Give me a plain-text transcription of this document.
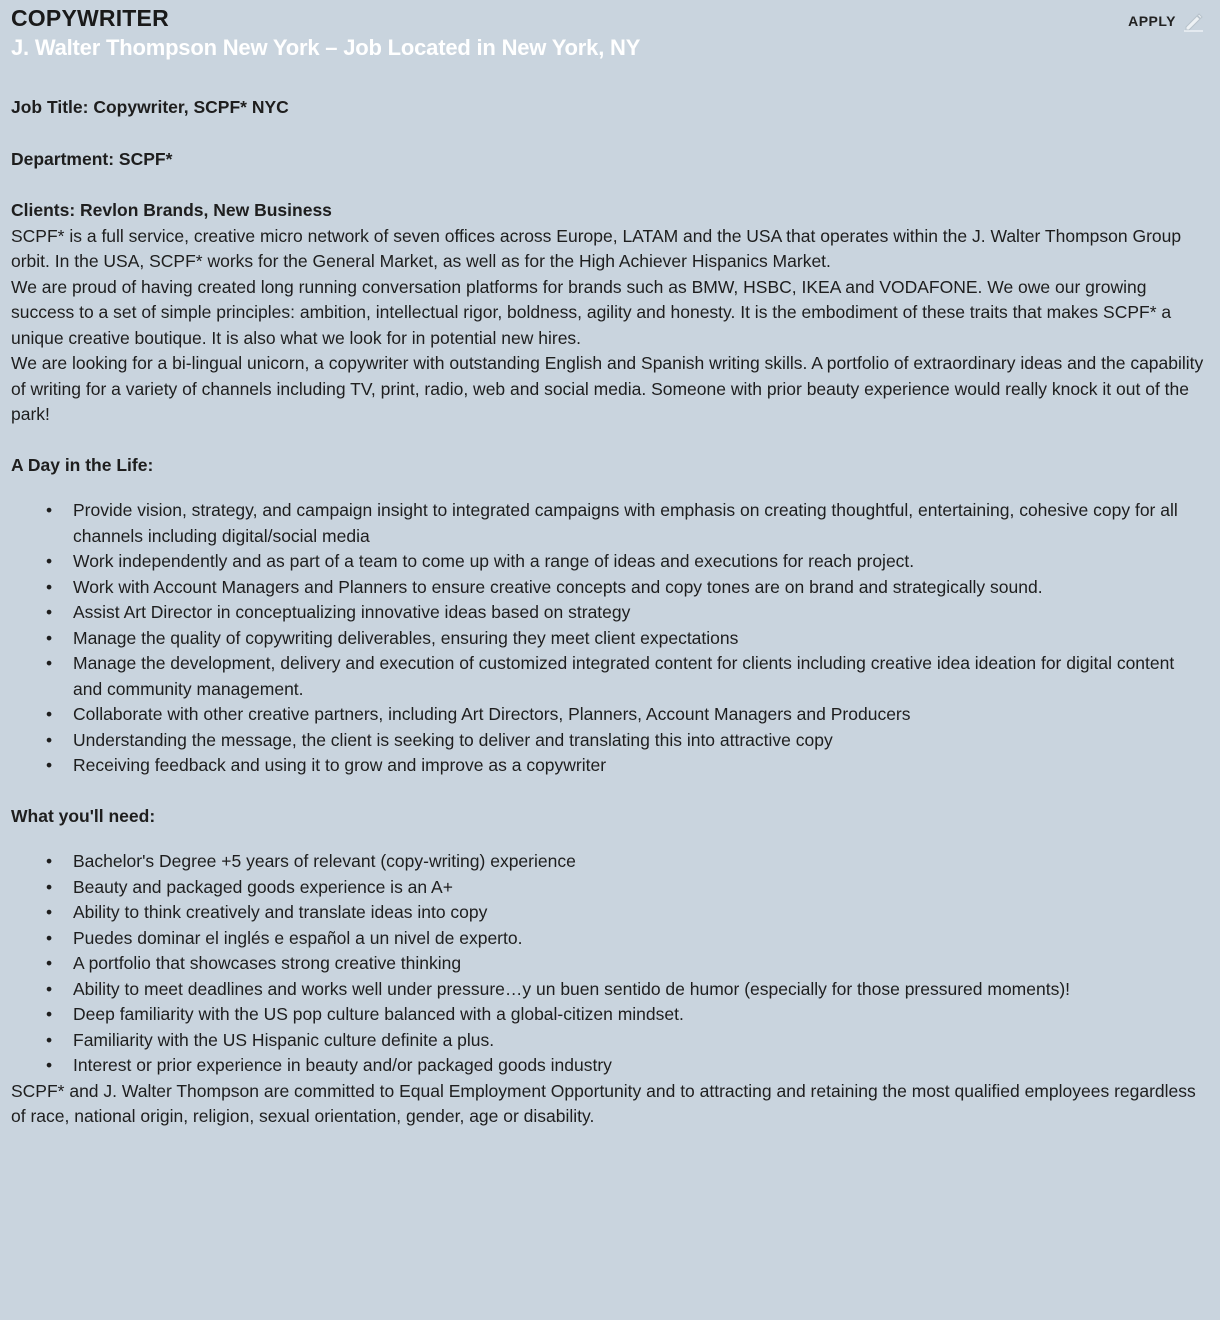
COPYWRITER
J. Walter Thompson New York – Job Located in New York, NY
APPLY

Job Title: Copywriter, SCPF* NYC

Department: SCPF*

Clients: Revlon Brands, New Business

SCPF* is a full service, creative micro network of seven offices across Europe, LATAM and the USA that operates within the J. Walter Thompson Group orbit. In the USA, SCPF* works for the General Market, as well as for the High Achiever Hispanics Market.

We are proud of having created long running conversation platforms for brands such as BMW, HSBC, IKEA and VODAFONE. We owe our growing success to a set of simple principles: ambition, intellectual rigor, boldness, agility and honesty. It is the embodiment of these traits that makes SCPF* a unique creative boutique. It is also what we look for in potential new hires.

We are looking for a bi-lingual unicorn, a copywriter with outstanding English and Spanish writing skills. A portfolio of extraordinary ideas and the capability of writing for a variety of channels including TV, print, radio, web and social media. Someone with prior beauty experience would really knock it out of the park!

A Day in the Life:

• Provide vision, strategy, and campaign insight to integrated campaigns with emphasis on creating thoughtful, entertaining, cohesive copy for all channels including digital/social media
• Work independently and as part of a team to come up with a range of ideas and executions for reach project.
• Work with Account Managers and Planners to ensure creative concepts and copy tones are on brand and strategically sound.
• Assist Art Director in conceptualizing innovative ideas based on strategy
• Manage the quality of copywriting deliverables, ensuring they meet client expectations
• Manage the development, delivery and execution of customized integrated content for clients including creative idea ideation for digital content and community management.
• Collaborate with other creative partners, including Art Directors, Planners, Account Managers and Producers
• Understanding the message, the client is seeking to deliver and translating this into attractive copy
• Receiving feedback and using it to grow and improve as a copywriter

What you'll need:

• Bachelor's Degree +5 years of relevant (copy-writing) experience
• Beauty and packaged goods experience is an A+
• Ability to think creatively and translate ideas into copy
• Puedes dominar el inglés e español a un nivel de experto.
• A portfolio that showcases strong creative thinking
• Ability to meet deadlines and works well under pressure…y un buen sentido de humor (especially for those pressured moments)!
• Deep familiarity with the US pop culture balanced with a global-citizen mindset.
• Familiarity with the US Hispanic culture definite a plus.
• Interest or prior experience in beauty and/or packaged goods industry

SCPF* and J. Walter Thompson are committed to Equal Employment Opportunity and to attracting and retaining the most qualified employees regardless of race, national origin, religion, sexual orientation, gender, age or disability.
